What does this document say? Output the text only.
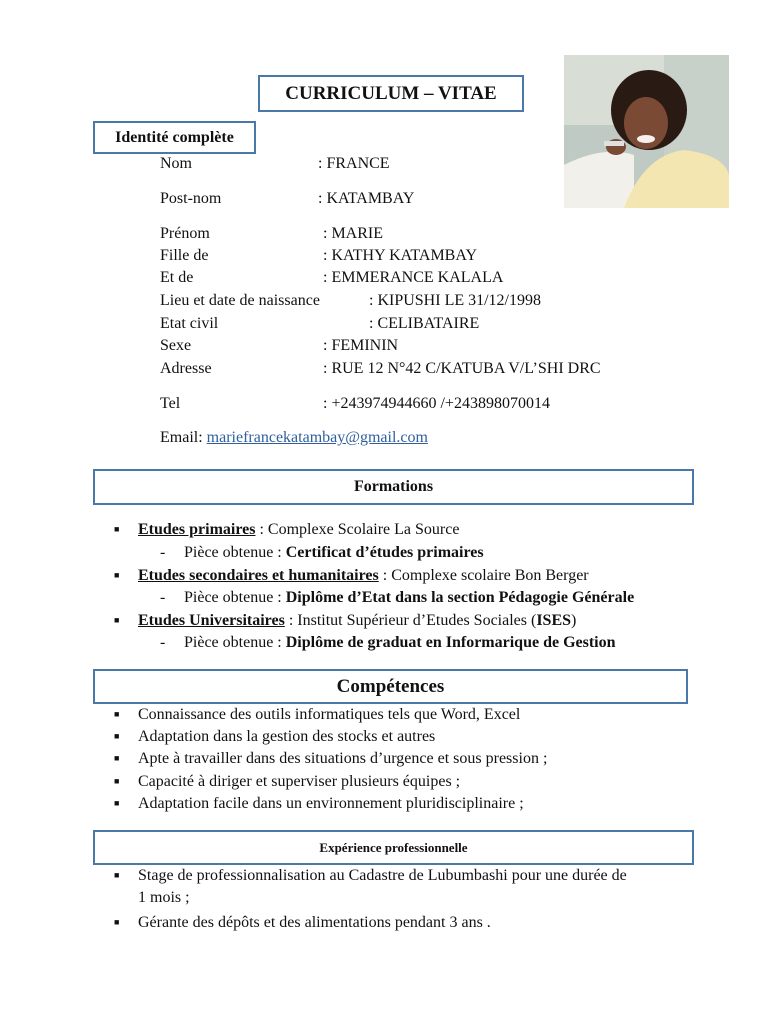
CURRICULUM – VITAE
Identité complète
Nom	: FRANCE
Post-nom	: KATAMBAY
Prénom	: MARIE
Fille de	: KATHY KATAMBAY
Et de	: EMMERANCE KALALA
Lieu et date de naissance	: KIPUSHI LE 31/12/1998
Etat civil	: CELIBATAIRE
Sexe	: FEMININ
Adresse	: RUE 12 N°42 C/KATUBA V/L’SHI DRC
Tel	: +243974944660 /+243898070014
Email: mariefrancekatambay@gmail.com
Formations
■ Etudes primaires : Complexe Scolaire La Source
- Pièce obtenue : Certificat d’études primaires
■ Etudes secondaires et humanitaires : Complexe scolaire Bon Berger
- Pièce obtenue : Diplôme d’Etat dans la section Pédagogie Générale
■ Etudes Universitaires : Institut Supérieur d’Etudes Sociales (ISES)
- Pièce obtenue : Diplôme de graduat en Informarique de Gestion
Compétences
■ Connaissance des outils informatiques tels que Word, Excel
■ Adaptation dans la gestion des stocks et autres
■ Apte à travailler dans des situations d’urgence et sous pression ;
■ Capacité à diriger et superviser plusieurs équipes ;
■ Adaptation facile dans un environnement pluridisciplinaire ;
Expérience professionnelle
■ Stage de professionnalisation au Cadastre de Lubumbashi pour une durée de
1 mois ;
■ Gérante des dépôts et des alimentations pendant 3 ans .
